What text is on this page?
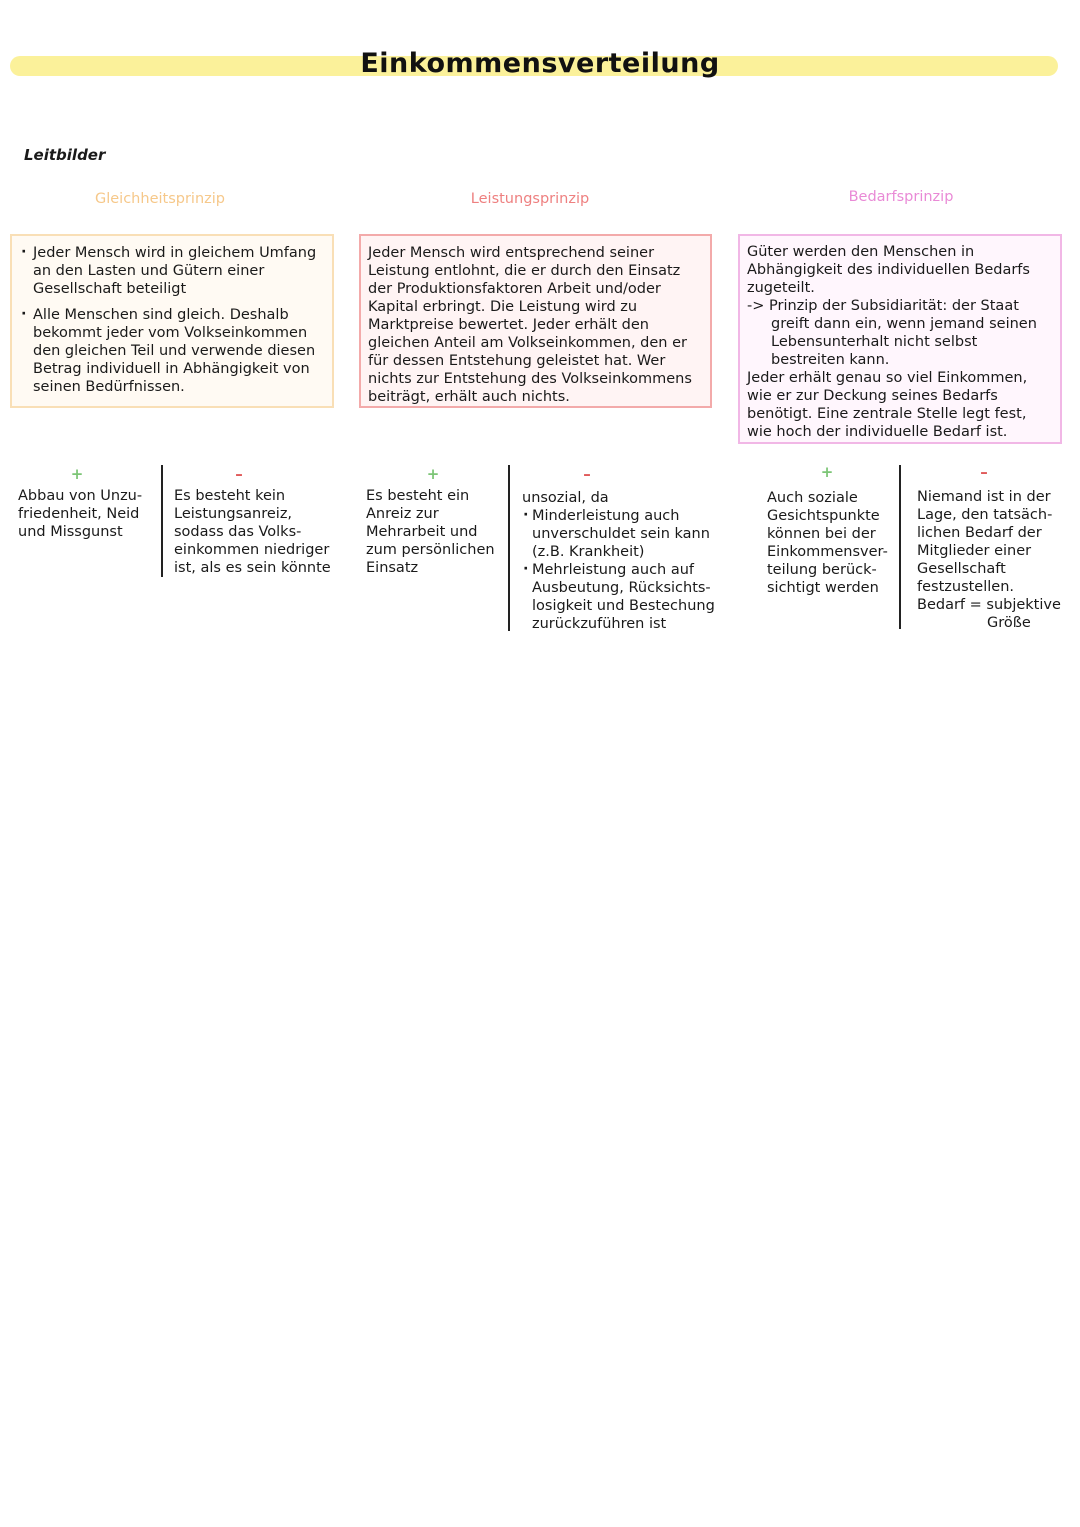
Einkommensverteilung
Leitbilder
Gleichheitsprinzip	Leistungsprinzip	Bedarfsprinzip
· Jeder Mensch wird in gleichem Umfang an den Lasten und Gütern einer Gesellschaft beteiligt
· Alle Menschen sind gleich. Deshalb bekommt jeder vom Volkseinkommen den gleichen Teil und verwende diesen Betrag individuell in Abhängigkeit von seinen Bedürfnissen.

Jeder Mensch wird entsprechend seiner Leistung entlohnt, die er durch den Einsatz der Produktionsfaktoren Arbeit und/oder Kapital erbringt. Die Leistung wird zu Marktpreise bewertet. Jeder erhält den gleichen Anteil am Volkseinkommen, den er für dessen Entstehung geleistet hat. Wer nichts zur Entstehung des Volkseinkommens beiträgt, erhält auch nichts.

Güter werden den Menschen in Abhängigkeit des individuellen Bedarfs zugeteilt.

-> Prinzip der Subsidiarität: der Staat

greift dann ein, wenn jemand seinen Lebensunterhalt nicht selbst bestreiten kann.

Jeder erhält genau so viel Einkommen, wie er zur Deckung seines Bedarfs benötigt. Eine zentrale Stelle legt fest, wie hoch der individuelle Bedarf ist.

+	–
Abbau von Unzu- friedenheit, Neid und Missgunst
Es besteht kein Leistungsanreiz, sodass das Volks- einkommen niedriger ist, als es sein könnte
+	–
Es besteht ein Anreiz zur Mehrarbeit und zum persönlichen Einsatz
unsozial, da
· Minderleistung auch unverschuldet sein kann (z.B. Krankheit)
· Mehrleistung auch auf Ausbeutung, Rücksichts- losigkeit und Bestechung zurückzuführen ist
+	–
Auch soziale Gesichtspunkte können bei der Einkommensver- teilung berück- sichtigt werden
Niemand ist in der Lage, den tatsäch- lichen Bedarf der Mitglieder einer Gesellschaft festzustellen.
Bedarf = subjektive
Größe
